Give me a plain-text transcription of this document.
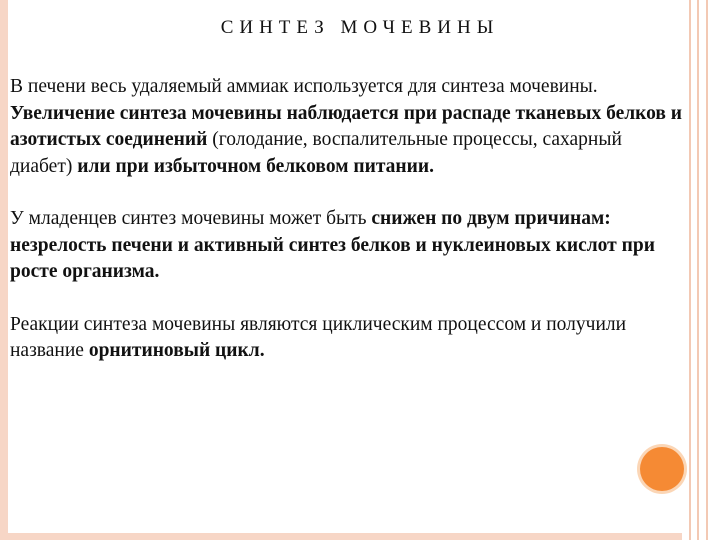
СИНТЕЗ МОЧЕВИНЫ

В печени весь удаляемый аммиак используется для синтеза мочевины. Увеличение синтеза мочевины наблюдается при распаде тканевых белков и азотистых соединений (голодание, воспалительные процессы, сахарный диабет) или при избыточном белковом питании.

У младенцев синтез мочевины может быть снижен по двум причинам: незрелость печени и активный синтез белков и нуклеиновых кислот при росте организма.

Реакции синтеза мочевины являются циклическим процессом и получили название орнитиновый цикл.
